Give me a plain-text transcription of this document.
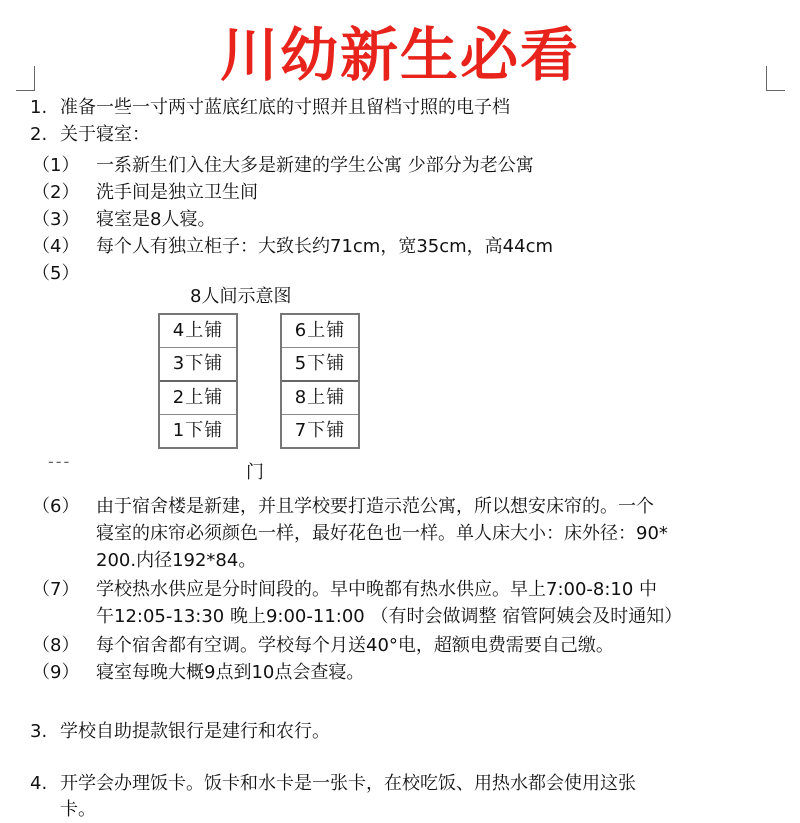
川幼新生必看
1. 准备一些一寸两寸蓝底红底的寸照并且留档寸照的电子档
2. 关于寝室：
（1） 一系新生们入住大多是新建的学生公寓 少部分为老公寓
（2） 洗手间是独立卫生间
（3） 寝室是8人寝。
（4） 每个人有独立柜子：大致长约71cm，宽35cm，高44cm
（5）
8人间示意图
4上铺
3下铺
2上铺
1下铺
6上铺
5下铺
8上铺
7下铺
---
门
（6） 由于宿舍楼是新建，并且学校要打造示范公寓，所以想安床帘的。一个
寝室的床帘必须颜色一样，最好花色也一样。单人床大小：床外径：90*
200.内径192*84。
（7） 学校热水供应是分时间段的。早中晚都有热水供应。早上7:00-8:10 中
午12:05-13:30 晚上9:00-11:00 （有时会做调整 宿管阿姨会及时通知）
（8） 每个宿舍都有空调。学校每个月送40°电，超额电费需要自己缴。
（9） 寝室每晚大概9点到10点会查寝。
3. 学校自助提款银行是建行和农行。
4. 开学会办理饭卡。饭卡和水卡是一张卡，在校吃饭、用热水都会使用这张
卡。
